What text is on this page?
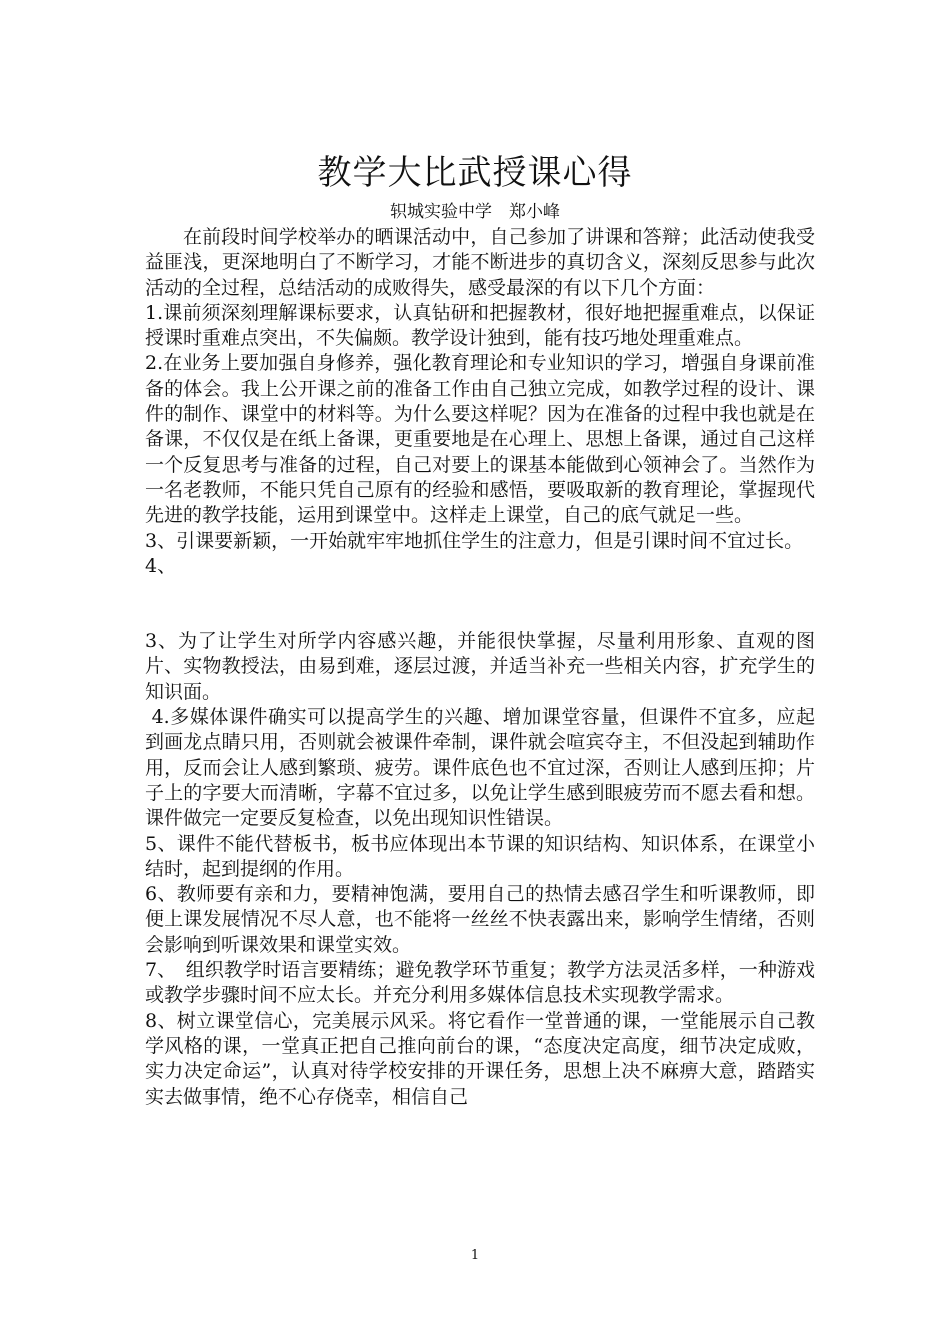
教学大比武授课心得
轵城实验中学　郑小峰

在前段时间学校举办的晒课活动中，自己参加了讲课和答辩；此活动使我受益匪浅，更深地明白了不断学习，才能不断进步的真切含义，深刻反思参与此次活动的全过程，总结活动的成败得失，感受最深的有以下几个方面：

1.课前须深刻理解课标要求，认真钻研和把握教材，很好地把握重难点，以保证授课时重难点突出，不失偏颇。教学设计独到，能有技巧地处理重难点。

2.在业务上要加强自身修养，强化教育理论和专业知识的学习，增强自身课前准备的体会。我上公开课之前的准备工作由自己独立完成，如教学过程的设计、课件的制作、课堂中的材料等。为什么要这样呢？因为在准备的过程中我也就是在备课，不仅仅是在纸上备课，更重要地是在心理上、思想上备课，通过自己这样一个反复思考与准备的过程，自己对要上的课基本能做到心领神会了。当然作为一名老教师，不能只凭自己原有的经验和感悟，要吸取新的教育理论，掌握现代先进的教学技能，运用到课堂中。这样走上课堂，自己的底气就足一些。

3、引课要新颖，一开始就牢牢地抓住学生的注意力，但是引课时间不宜过长。

4、

3、为了让学生对所学内容感兴趣，并能很快掌握，尽量利用形象、直观的图片、实物教授法，由易到难，逐层过渡，并适当补充一些相关内容，扩充学生的知识面。

4.多媒体课件确实可以提高学生的兴趣、增加课堂容量，但课件不宜多，应起到画龙点睛只用，否则就会被课件牵制，课件就会喧宾夺主，不但没起到辅助作用，反而会让人感到繁琐、疲劳。课件底色也不宜过深，否则让人感到压抑；片子上的字要大而清晰，字幕不宜过多，以免让学生感到眼疲劳而不愿去看和想。课件做完一定要反复检查，以免出现知识性错误。

5、课件不能代替板书，板书应体现出本节课的知识结构、知识体系，在课堂小结时，起到提纲的作用。

6、教师要有亲和力，要精神饱满，要用自己的热情去感召学生和听课教师，即便上课发展情况不尽人意，也不能将一丝丝不快表露出来，影响学生情绪，否则会影响到听课效果和课堂实效。

7、　组织教学时语言要精练；避免教学环节重复；教学方法灵活多样，一种游戏或教学步骤时间不应太长。并充分利用多媒体信息技术实现教学需求。

8、树立课堂信心，完美展示风采。将它看作一堂普通的课，一堂能展示自己教学风格的课，一堂真正把自己推向前台的课，“态度决定高度，细节决定成败，实力决定命运”，认真对待学校安排的开课任务，思想上决不麻痹大意，踏踏实实去做事情，绝不心存侥幸，相信自己

1
